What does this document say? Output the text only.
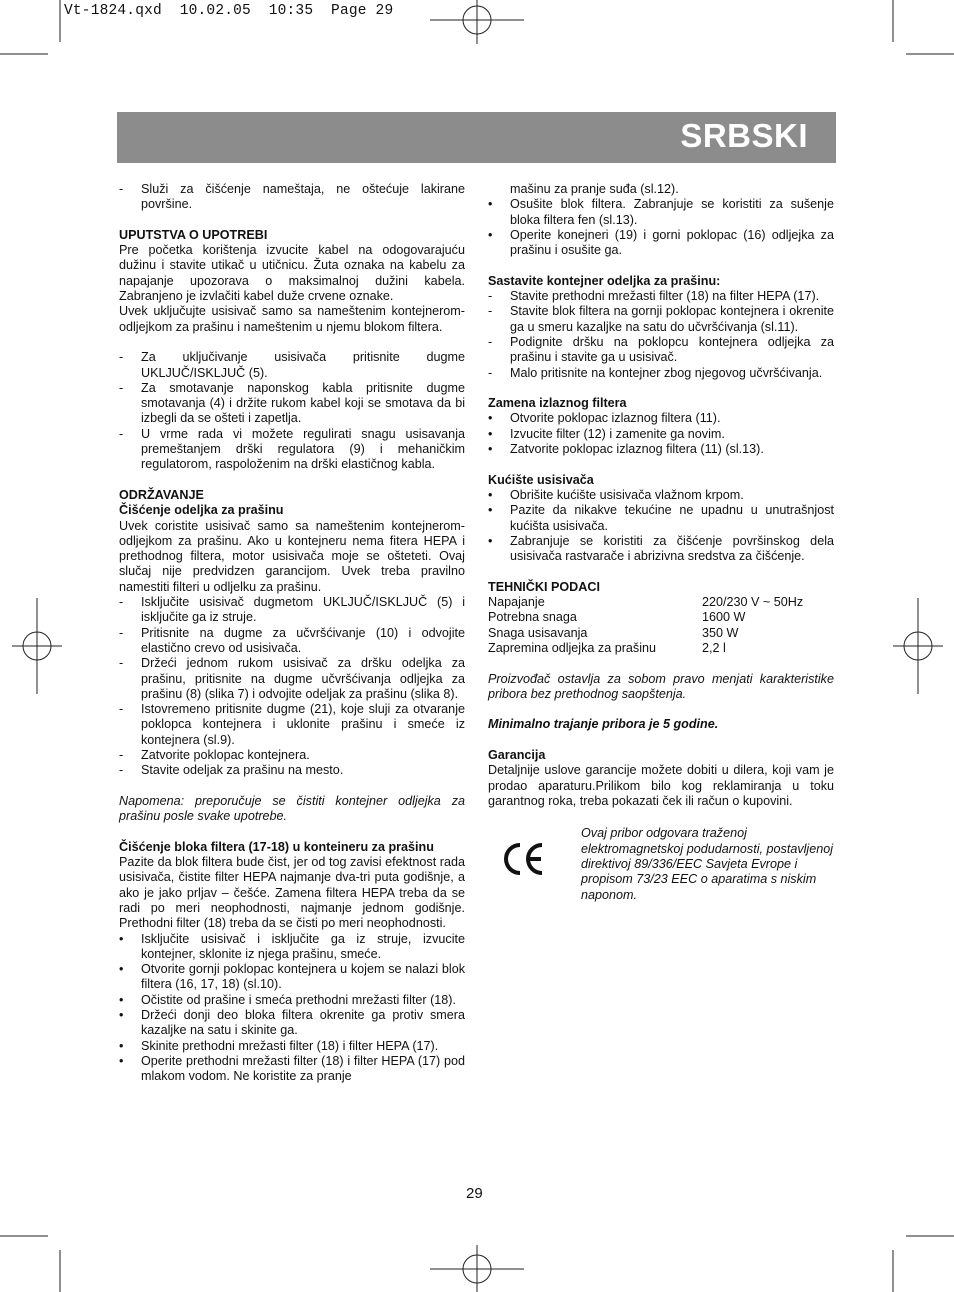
Vt-1824.qxd  10.02.05  10:35  Page 29
SRBSKI
-	Služi za čišćenje nameštaja, ne oštećuje lakirane površine.

UPUTSTVA O UPOTREBI

Pre početka korištenja izvucite kabel na odogovarajuću dužinu i stavite utikač u utičnicu. Žuta oznaka na kabelu za napajanje upozorava o maksimalnoj dužini kabela. Zabranjeno je izvlačiti kabel duže crvene oznake.

Uvek uključujte usisivač samo sa nameštenim kontejnerom-odljejkom za prašinu i nameštenim u njemu blokom filtera.

-	Za uključivanje usisivača pritisnite dugme UKLJUČ/ISKLJUČ (5).
-	Za smotavanje naponskog kabla pritisnite dugme smotavanja (4) i držite rukom kabel koji se smotava da bi izbegli da se ošteti i zapetlja.
-	U vrme rada vi možete regulirati snagu usisavanja premeštanjem drški regulatora (9) i mehaničkim regulatorom, raspoloženim na drški elastičnog kabla.

ODRŽAVANJE

Čišćenje odeljka za prašinu

Uvek coristite usisivač samo sa nameštenim kontejnerom-odljejkom za prašinu. Ako u kontejneru nema fitera HEPA i prethodnog filtera, motor usisivača moje se ošteteti. Ovaj slučaj nije predvidzen garancijom. Uvek treba pravilno namestiti filteri u odljelku za prašinu.

-	Isključite usisivač dugmetom UKLJUČ/ISKLJUČ (5) i isključite ga iz struje.
-	Pritisnite na dugme za učvršćivanje (10) i odvojite elastično crevo od usisivača.
-	Držeći jednom rukom usisivač za dršku odeljka za prašinu, pritisnite na dugme učvršćivanja odljejka za prašinu (8) (slika 7) i odvojite odeljak za prašinu (slika 8).
-	Istovremeno pritisnite dugme (21), koje sluji za otvaranje poklopca kontejnera i uklonite prašinu i smeće iz kontejnera (sl.9).
-	Zatvorite poklopac kontejnera.
-	Stavite odeljak za prašinu na mesto.

Napomena: preporučuje se čistiti kontejner odljejka za prašinu posle svake upotrebe.

Čišćenje bloka filtera (17-18) u konteineru za prašinu

Pazite da blok filtera bude čist, jer od tog zavisi efektnost rada usisivača, čistite filter HEPA najmanje dva-tri puta godišnje, a ako je jako prljav – češće. Zamena filtera HEPA treba da se radi po meri neophodnosti, najmanje jednom godišnje. Prethodni filter (18) treba da se čisti po meri neophodnosti.

•	Isključite usisivač i isključite ga iz struje, izvucite kontejner, sklonite iz njega prašinu, smeće.
•	Otvorite gornji poklopac kontejnera u kojem se nalazi blok filtera (16, 17, 18) (sl.10).
•	Očistite od prašine i smeća prethodni mrežasti filter (18).
•	Držeći donji deo bloka filtera okrenite ga protiv smera kazaljke na satu i skinite ga.
•	Skinite prethodni mrežasti filter (18) i filter HEPA (17).
•	Operite prethodni mrežasti filter (18) i filter HEPA (17) pod mlakom vodom. Ne koristite za pranje
mašinu za pranje suđa (sl.12).
•	Osušite blok filtera. Zabranjuje se koristiti za sušenje bloka filtera fen (sl.13).
•	Operite konejneri (19) i gorni poklopac (16) odljejka za prašinu i osušite ga.

Sastavite kontejner odeljka za prašinu:

-	Stavite prethodni mrežasti filter (18) na filter HEPA (17).
-	Stavite blok filtera na gornji poklopac kontejnera i okrenite ga u smeru kazaljke na satu do učvršćivanja (sl.11).
-	Podignite dršku na poklopcu kontejnera odljejka za prašinu i stavite ga u usisivač.
-	Malo pritisnite na kontejner zbog njegovog učvršćivanja.

Zamena izlaznog filtera

•	Otvorite poklopac izlaznog filtera (11).
•	Izvucite filter (12) i zamenite ga novim.
•	Zatvorite poklopac izlaznog filtera (11) (sl.13).

Kućište usisivača

•	Obrišite kućište usisivača vlažnom krpom.
•	Pazite da nikakve tekućine ne upadnu u unutrašnjost kućišta usisivača.
•	Zabranjuje se koristiti za čišćenje površinskog dela usisivača rastvarače i abrizivna sredstva za čišćenje.

TEHNIČKI PODACI

Napajanje	220/230 V ~ 50Hz
Potrebna snaga	1600 W
Snaga usisavanja	350 W
Zapremina odljejka za prašinu	2,2 l

Proizvođač ostavlja za sobom pravo menjati karakteristike pribora bez prethodnog saopštenja.

Minimalno trajanje pribora je 5 godine.

Garancija

Detaljnije uslove garancije možete dobiti u dilera, koji vam je prodao aparaturu.Prilikom bilo kog reklamiranja u toku garantnog roka, treba pokazati ček ili račun o kupovini.

Ovaj pribor odgovara traženoj elektromagnetskoj podudarnosti, postavljenoj direktivoj 89/336/EEC Savjeta Evrope i propisom 73/23 EEC o aparatima s niskim naponom.

29
